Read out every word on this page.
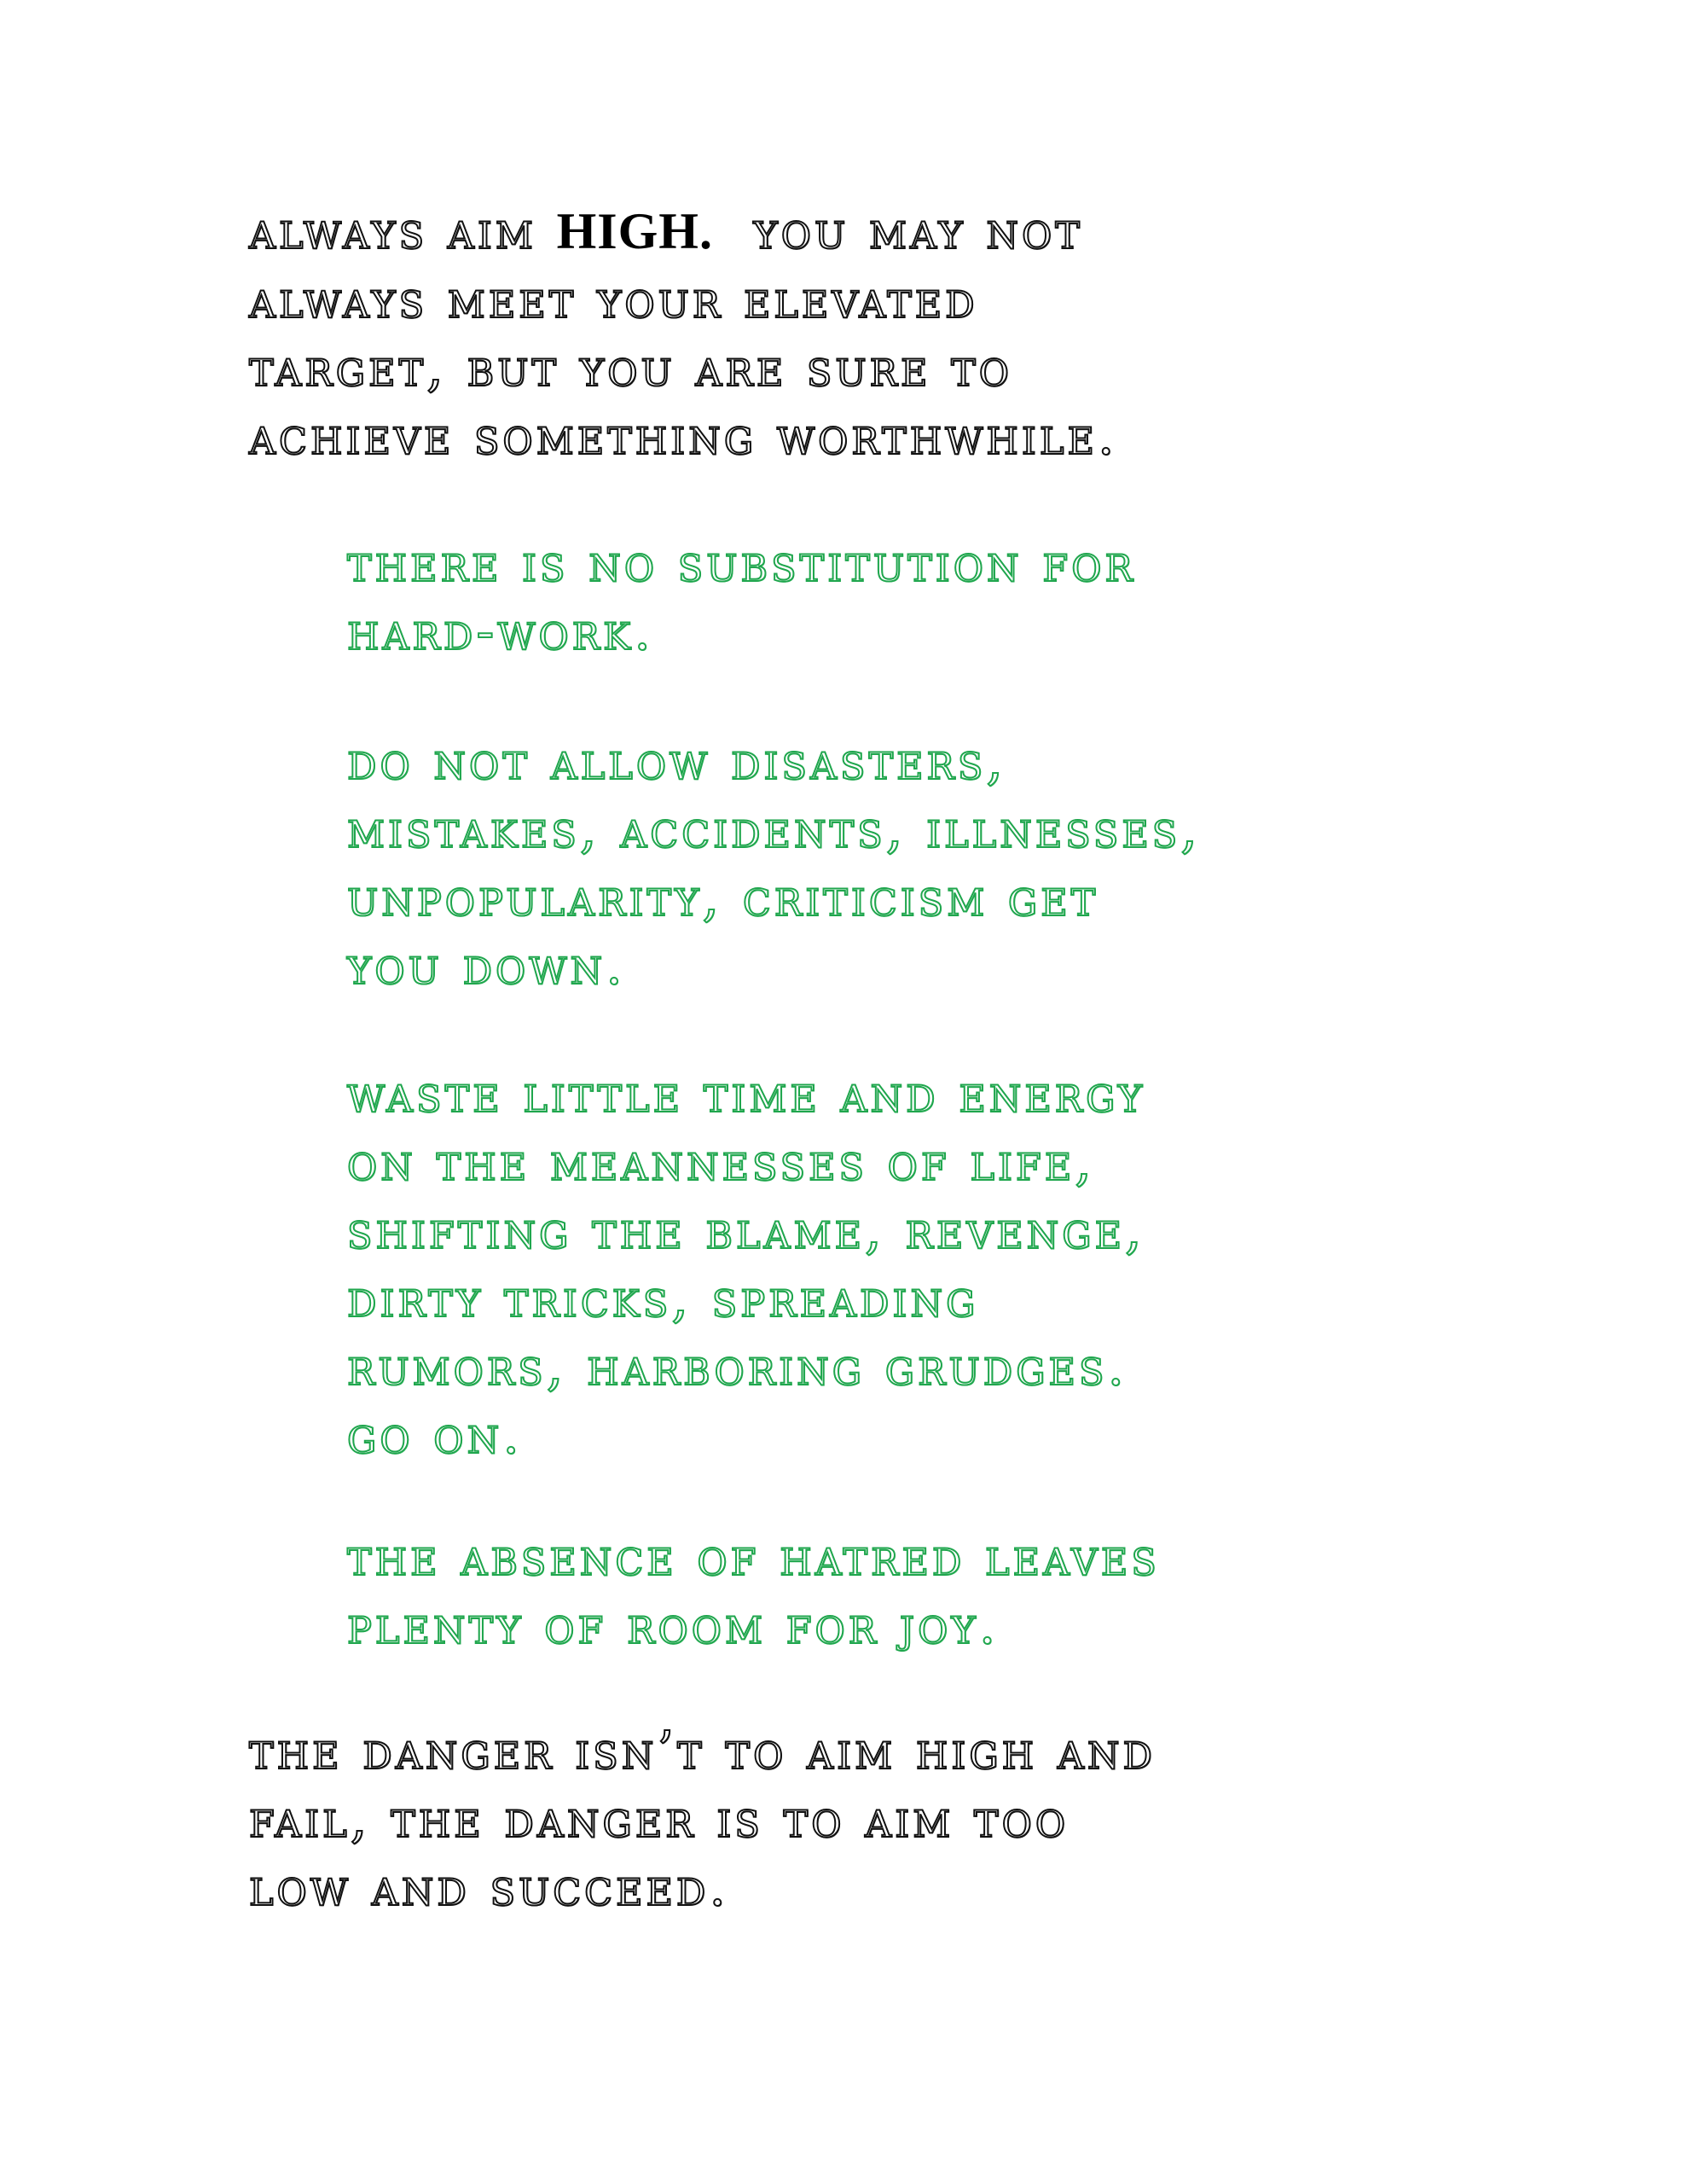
always aim HIGH.  you may not
always meet your elevated
target, but you are sure to
achieve something worthwhile.

there is no substitution for
hard-work.

do not allow disasters,
mistakes, accidents, illnesses,
unpopularity, criticism get
you down.

waste little time and energy
on the meannesses of life,
shifting the blame, revenge,
dirty tricks, spreading
rumors, harboring grudges.
go on.

the absence of hatred leaves
plenty of room for joy.

the danger isn’t to aim high and
fail, the danger is to aim too
low and succeed.
